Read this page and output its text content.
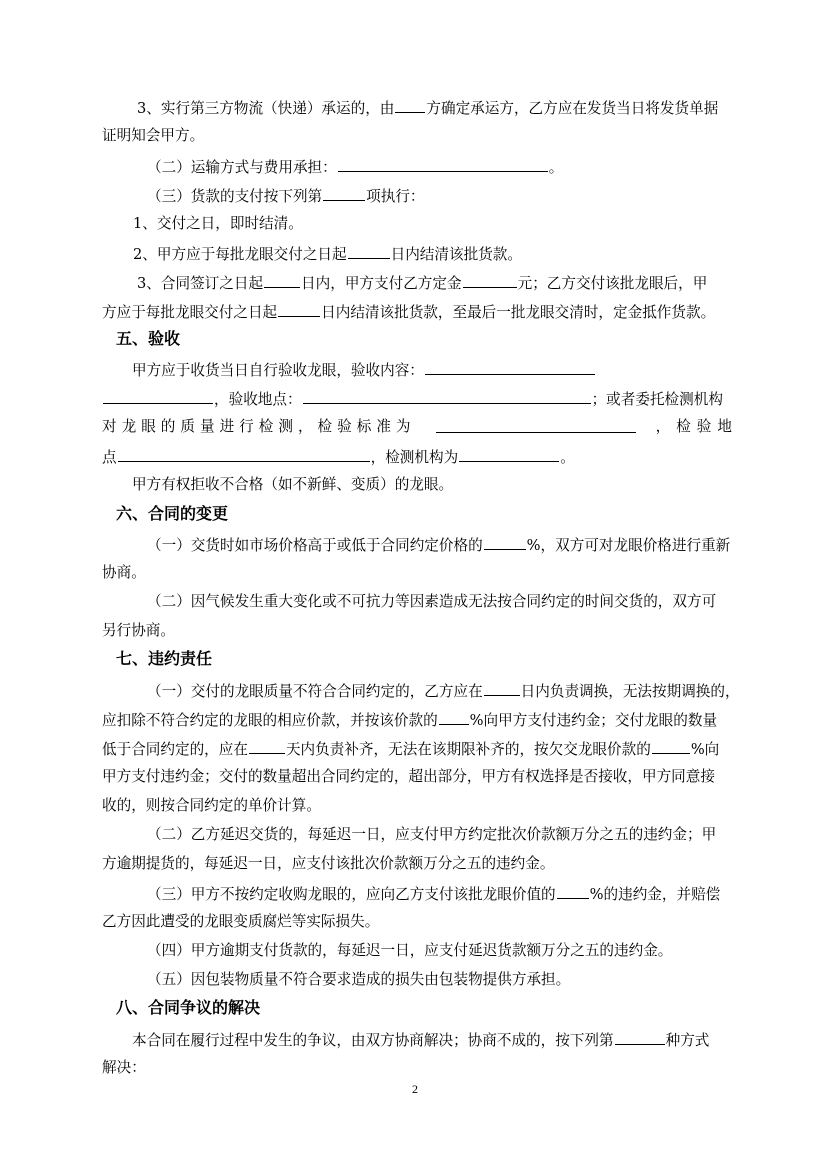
3、实行第三方物流（快递）承运的，由 方确定承运方，乙方应在发货当日将发货单据
证明知会甲方。
（二）运输方式与费用承担：	。
（三）货款的支付按下列第	项执行：
1、交付之日，即时结清。
2、甲方应于每批龙眼交付之日起	日内结清该批货款。
3、合同签订之日起	日内，甲方支付乙方定金	元；乙方交付该批龙眼后，甲
方应于每批龙眼交付之日起	日内结清该批货款，至最后一批龙眼交清时，定金抵作货款。
五、验收
甲方应于收货当日自行验收龙眼，验收内容：
，验收地点：	；或者委托检测机构
对龙眼的质量进行检测，检验标准为	，检验地
点	，检测机构为	。
甲方有权拒收不合格（如不新鲜、变质）的龙眼。
六、合同的变更
（一）交货时如市场价格高于或低于合同约定价格的	%，双方可对龙眼价格进行重新
协商。
（二）因气候发生重大变化或不可抗力等因素造成无法按合同约定的时间交货的，双方可
另行协商。
七、违约责任
（一）交付的龙眼质量不符合合同约定的，乙方应在	日内负责调换，无法按期调换的，
应扣除不符合约定的龙眼的相应价款，并按该价款的 %向甲方支付违约金；交付龙眼的数量
低于合同约定的，应在	天内负责补齐，无法在该期限补齐的，按欠交龙眼价款的	%向
甲方支付违约金；交付的数量超出合同约定的，超出部分，甲方有权选择是否接收，甲方同意接
收的，则按合同约定的单价计算。
（二）乙方延迟交货的，每延迟一日，应支付甲方约定批次价款额万分之五的违约金；甲
方逾期提货的，每延迟一日，应支付该批次价款额万分之五的违约金。
（三）甲方不按约定收购龙眼的，应向乙方支付该批龙眼价值的 %的违约金，并赔偿
乙方因此遭受的龙眼变质腐烂等实际损失。
（四）甲方逾期支付货款的，每延迟一日，应支付延迟货款额万分之五的违约金。
（五）因包装物质量不符合要求造成的损失由包装物提供方承担。
八、合同争议的解决
本合同在履行过程中发生的争议，由双方协商解决；协商不成的，按下列第	种方式
解决：
2
